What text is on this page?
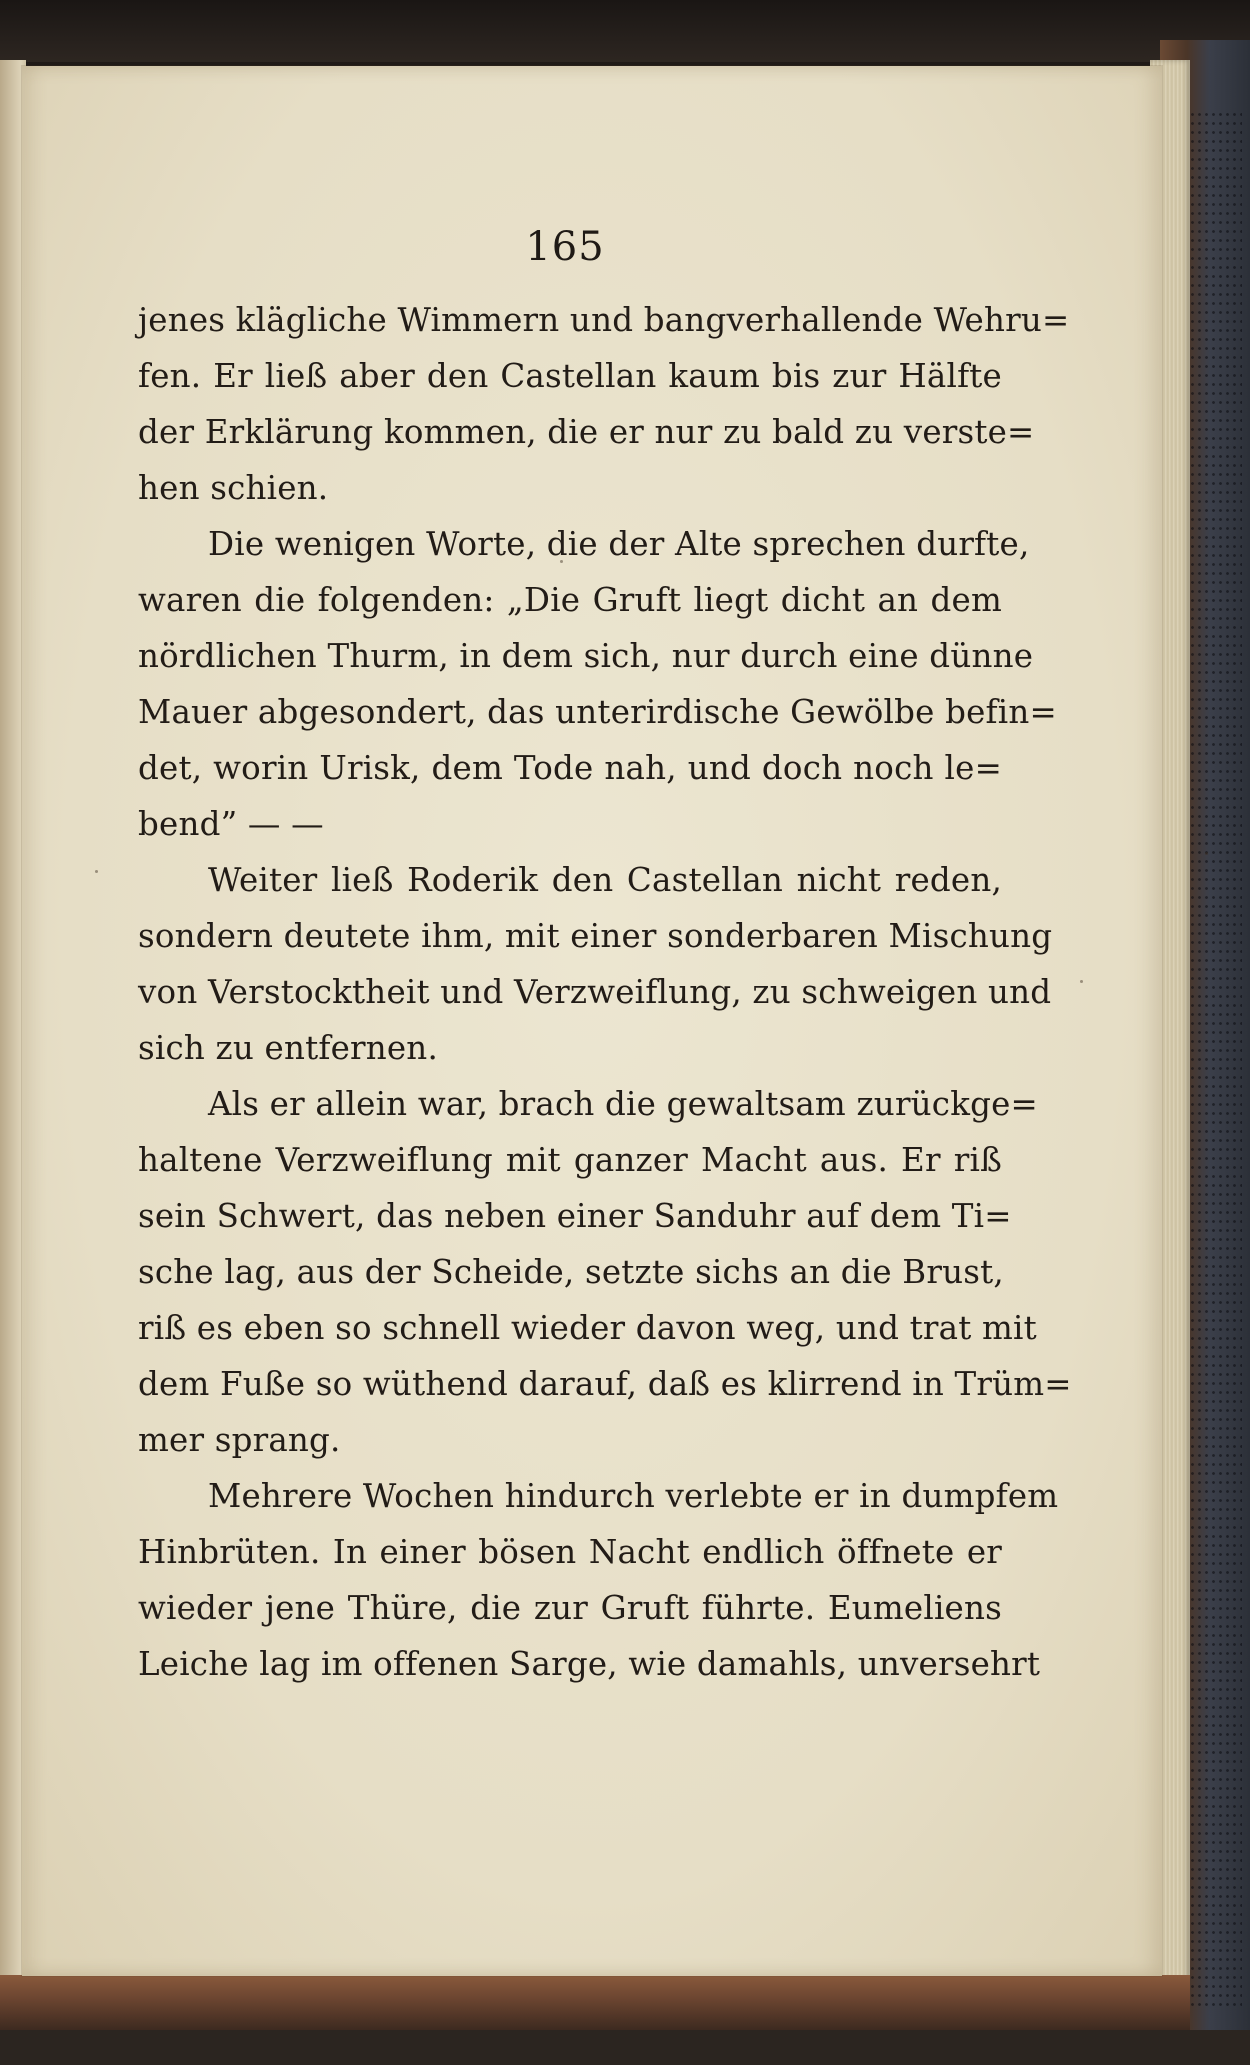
165
jenes klägliche Wimmern und bangverhallende Wehru=
fen. Er ließ aber den Castellan kaum bis zur Hälfte
der Erklärung kommen, die er nur zu bald zu verste=
hen schien.
Die wenigen Worte, die der Alte sprechen durfte,
waren die folgenden: „Die Gruft liegt dicht an dem
nördlichen Thurm, in dem sich, nur durch eine dünne
Mauer abgesondert, das unterirdische Gewölbe befin=
det, worin Urisk, dem Tode nah, und doch noch le=
bend” — —
Weiter ließ Roderik den Castellan nicht reden,
sondern deutete ihm, mit einer sonderbaren Mischung
von Verstocktheit und Verzweiflung, zu schweigen und
sich zu entfernen.
Als er allein war, brach die gewaltsam zurückge=
haltene Verzweiflung mit ganzer Macht aus. Er riß
sein Schwert, das neben einer Sanduhr auf dem Ti=
sche lag, aus der Scheide, setzte sichs an die Brust,
riß es eben so schnell wieder davon weg, und trat mit
dem Fuße so wüthend darauf, daß es klirrend in Trüm=
mer sprang.
Mehrere Wochen hindurch verlebte er in dumpfem
Hinbrüten. In einer bösen Nacht endlich öffnete er
wieder jene Thüre, die zur Gruft führte. Eumeliens
Leiche lag im offenen Sarge, wie damahls, unversehrt
